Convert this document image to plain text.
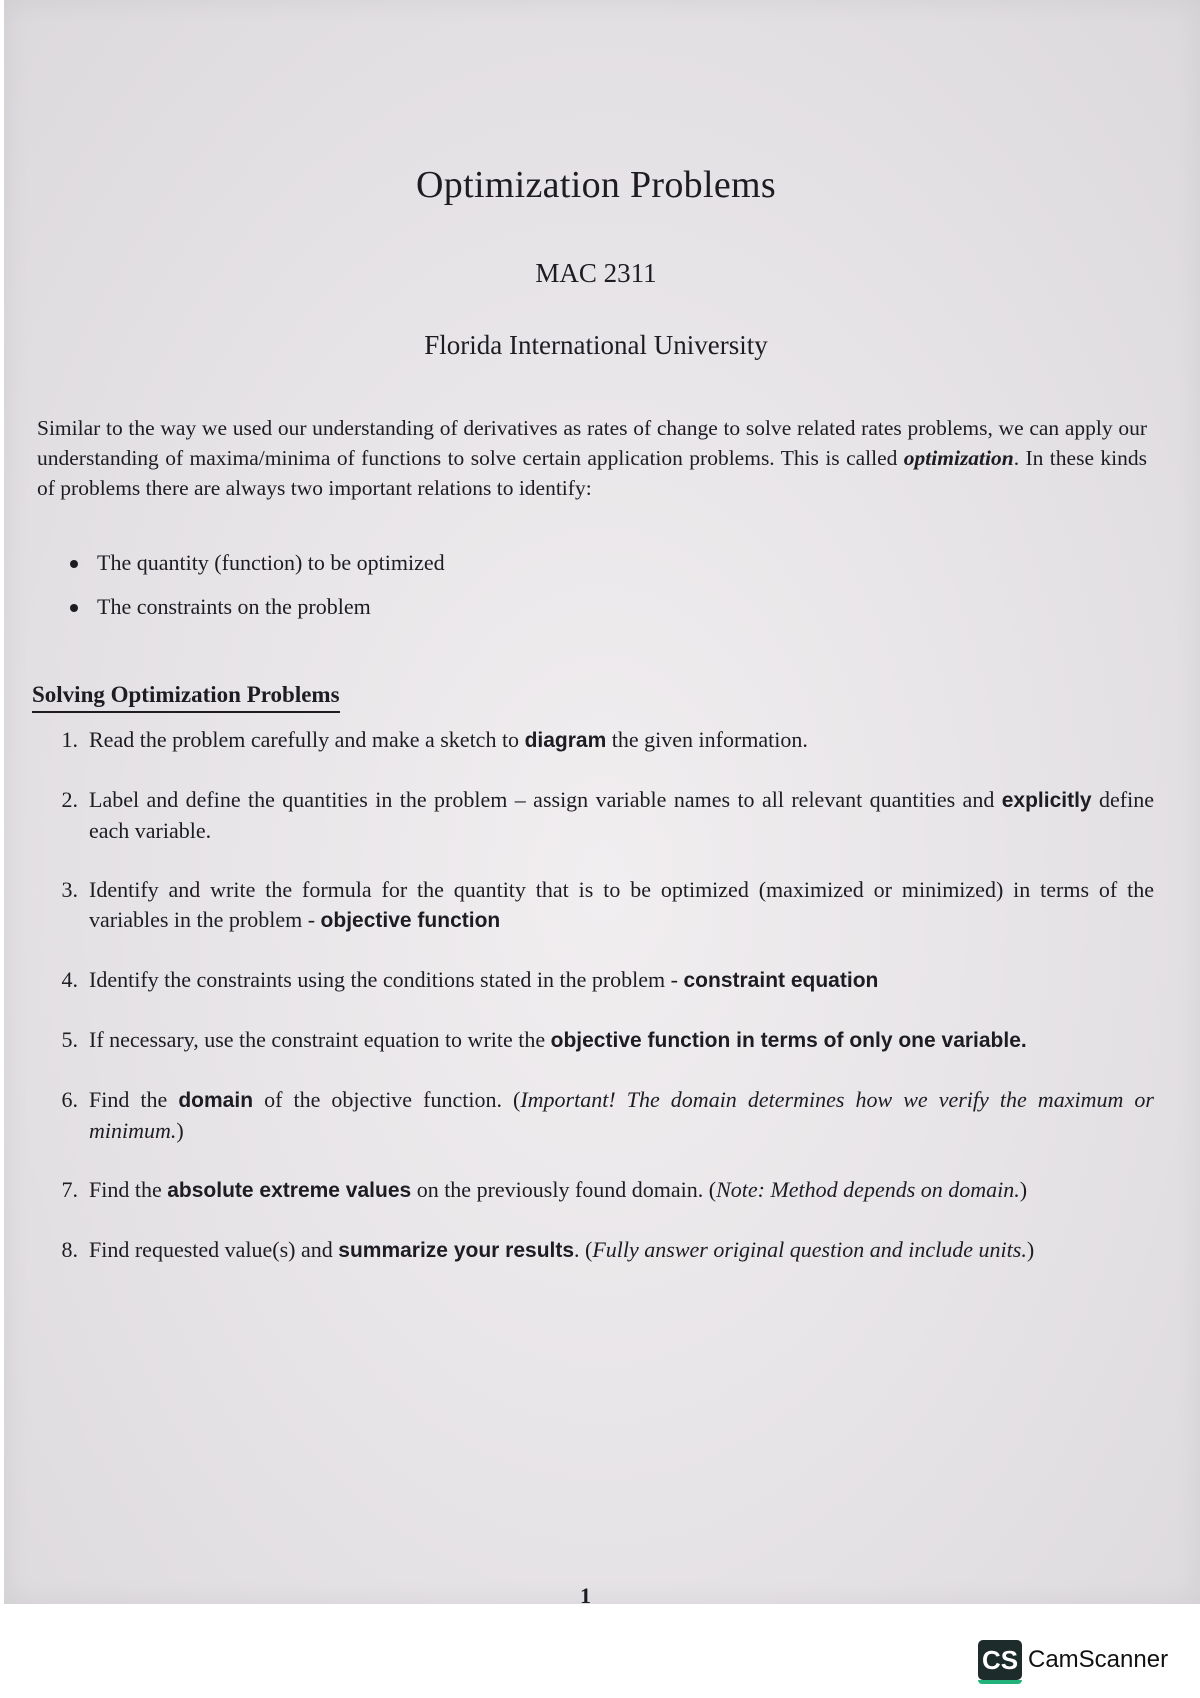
Optimization Problems
MAC 2311
Florida International University
Similar to the way we used our understanding of derivatives as rates of change to solve related rates problems, we can apply our understanding of maxima/minima of functions to solve certain application problems. This is called optimization. In these kinds of problems there are always two important relations to identify:
The quantity (function) to be optimized
The constraints on the problem
Solving Optimization Problems
1. Read the problem carefully and make a sketch to diagram the given information.
2. Label and define the quantities in the problem – assign variable names to all relevant quantities and explicitly define each variable.
3. Identify and write the formula for the quantity that is to be optimized (maximized or minimized) in terms of the variables in the problem - objective function
4. Identify the constraints using the conditions stated in the problem - constraint equation
5. If necessary, use the constraint equation to write the objective function in terms of only one variable.
6. Find the domain of the objective function. (Important! The domain determines how we verify the maximum or minimum.)
7. Find the absolute extreme values on the previously found domain. (Note: Method depends on domain.)
8. Find requested value(s) and summarize your results. (Fully answer original question and include units.)
1
CS CamScanner
